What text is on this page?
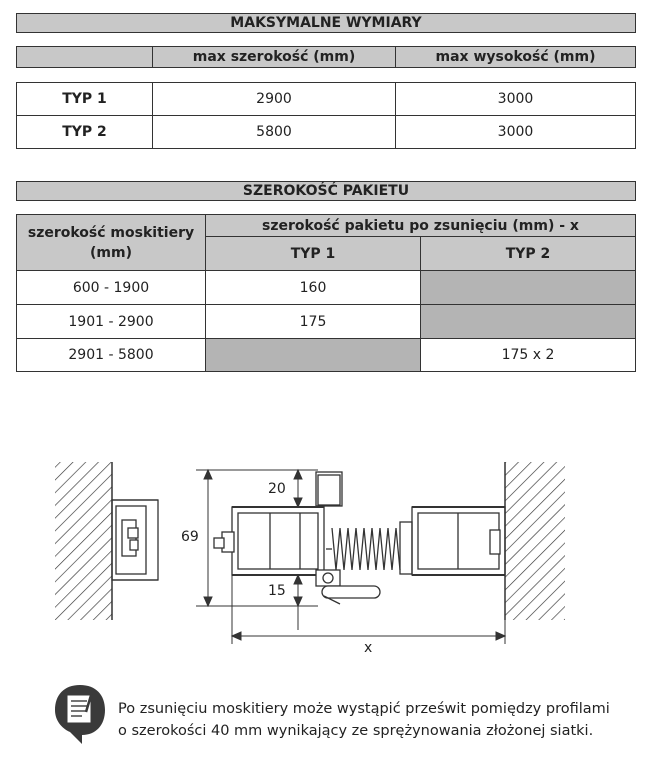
MAKSYMALNE WYMIARY
	max szerokość (mm)	max wysokość (mm)
TYP 1	2900	3000
TYP 2	5800	3000
SZEROKOŚĆ PAKIETU
szerokość moskitiery (mm)	szerokość pakietu po zsunięciu (mm) - x	
	TYP 1	TYP 2
600 - 1900	160	
1901 - 2900	175	
2901 - 5800		175 x 2
69
20
15
x
Po zsunięciu moskitiery może wystąpić prześwit pomiędzy profilami
o szerokości 40 mm wynikający ze sprężynowania złożonej siatki.
